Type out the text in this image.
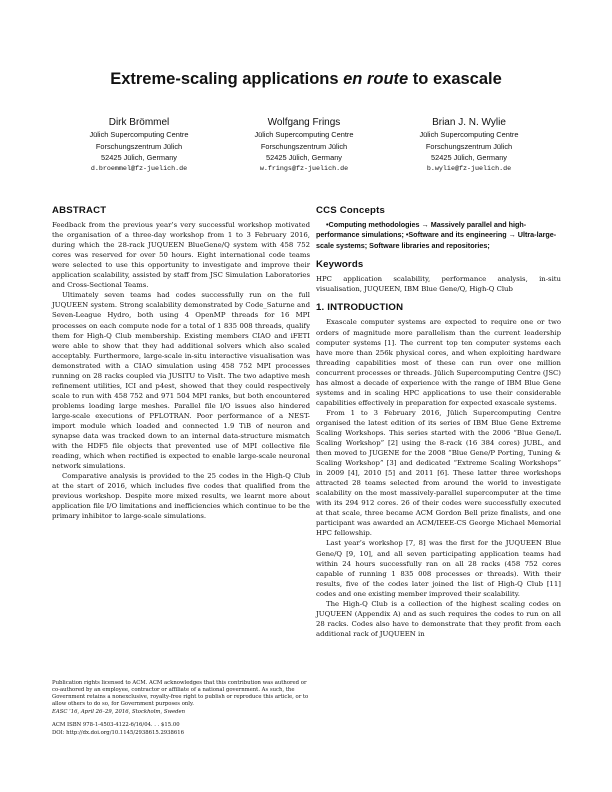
Extreme-scaling applications en route to exascale
Dirk Brömmel
Jülich Supercomputing Centre
Forschungszentrum Jülich
52425 Jülich, Germany
d.broemmel@fz-juelich.de
Wolfgang Frings
Jülich Supercomputing Centre
Forschungszentrum Jülich
52425 Jülich, Germany
w.frings@fz-juelich.de
Brian J. N. Wylie
Jülich Supercomputing Centre
Forschungszentrum Jülich
52425 Jülich, Germany
b.wylie@fz-juelich.de
ABSTRACT

Feedback from the previous year’s very successful workshop motivated the organisation of a three-day workshop from 1 to 3 February 2016, during which the 28-rack JUQUEEN BlueGene/Q system with 458 752 cores was reserved for over 50 hours. Eight international code teams were selected to use this opportunity to investigate and improve their application scalability, assisted by staff from JSC Simulation Laboratories and Cross-Sectional Teams.

Ultimately seven teams had codes successfully run on the full JUQUEEN system. Strong scalability demonstrated by Code_Saturne and Seven-League Hydro, both using 4 OpenMP threads for 16 MPI processes on each compute node for a total of 1 835 008 threads, qualify them for High-Q Club membership. Existing members CIAO and iFETI were able to show that they had additional solvers which also scaled acceptably. Furthermore, large-scale in-situ interactive visualisation was demonstrated with a CIAO simulation using 458 752 MPI processes running on 28 racks coupled via JUSITU to VisIt. The two adaptive mesh refinement utilities, ICI and p4est, showed that they could respectively scale to run with 458 752 and 971 504 MPI ranks, but both encountered problems loading large meshes. Parallel file I/O issues also hindered large-scale executions of PFLOTRAN. Poor performance of a NEST-import module which loaded and connected 1.9 TiB of neuron and synapse data was tracked down to an internal data-structure mismatch with the HDF5 file objects that prevented use of MPI collective file reading, which when rectified is expected to enable large-scale neuronal network simulations.

Comparative analysis is provided to the 25 codes in the High-Q Club at the start of 2016, which includes five codes that qualified from the previous workshop. Despite more mixed results, we learnt more about application file I/O limitations and inefficiencies which continue to be the primary inhibitor to large-scale simulations.

Publication rights licensed to ACM. ACM acknowledges that this contribution was authored or co-authored by an employee, contractor or affiliate of a national government. As such, the Government retains a nonexclusive, royalty-free right to publish or reproduce this article, or to allow others to do so, for Government purposes only.

EASC ’16, April 26–29, 2016, Stockholm, Sweden

ACM ISBN 978-1-4503-4122-6/16/04. . . $15.00

DOI: http://dx.doi.org/10.1145/2938615.2938616

CCS Concepts

•Computing methodologies → Massively parallel and high-performance simulations; •Software and its engineering → Ultra-large-scale systems; Software libraries and repositories;

Keywords

HPC application scalability, performance analysis, in-situ visualisation, JUQUEEN, IBM Blue Gene/Q, High-Q Club

1. INTRODUCTION

Exascale computer systems are expected to require one or two orders of magnitude more parallelism than the current leadership computer systems [1]. The current top ten computer systems each have more than 256k physical cores, and when exploiting hardware threading capabilities most of these can run over one million concurrent processes or threads. Jülich Supercomputing Centre (JSC) has almost a decade of experience with the range of IBM Blue Gene systems and in scaling HPC applications to use their considerable capabilities effectively in preparation for expected exascale systems.

From 1 to 3 February 2016, Jülich Supercomputing Centre organised the latest edition of its series of IBM Blue Gene Extreme Scaling Workshops. This series started with the 2006 “Blue Gene/L Scaling Workshop” [2] using the 8-rack (16 384 cores) JUBL, and then moved to JUGENE for the 2008 “Blue Gene/P Porting, Tuning & Scaling Workshop” [3] and dedicated “Extreme Scaling Workshops” in 2009 [4], 2010 [5] and 2011 [6]. These latter three workshops attracted 28 teams selected from around the world to investigate scalability on the most massively-parallel supercomputer at the time with its 294 912 cores. 26 of their codes were successfully executed at that scale, three became ACM Gordon Bell prize finalists, and one participant was awarded an ACM/IEEE-CS George Michael Memorial HPC fellowship.

Last year’s workshop [7, 8] was the first for the JUQUEEN Blue Gene/Q [9, 10], and all seven participating application teams had within 24 hours successfully ran on all 28 racks (458 752 cores capable of running 1 835 008 processes or threads). With their results, five of the codes later joined the list of High-Q Club [11] codes and one existing member improved their scalability.

The High-Q Club is a collection of the highest scaling codes on JUQUEEN (Appendix A) and as such requires the codes to run on all 28 racks. Codes also have to demonstrate that they profit from each additional rack of JUQUEEN in
